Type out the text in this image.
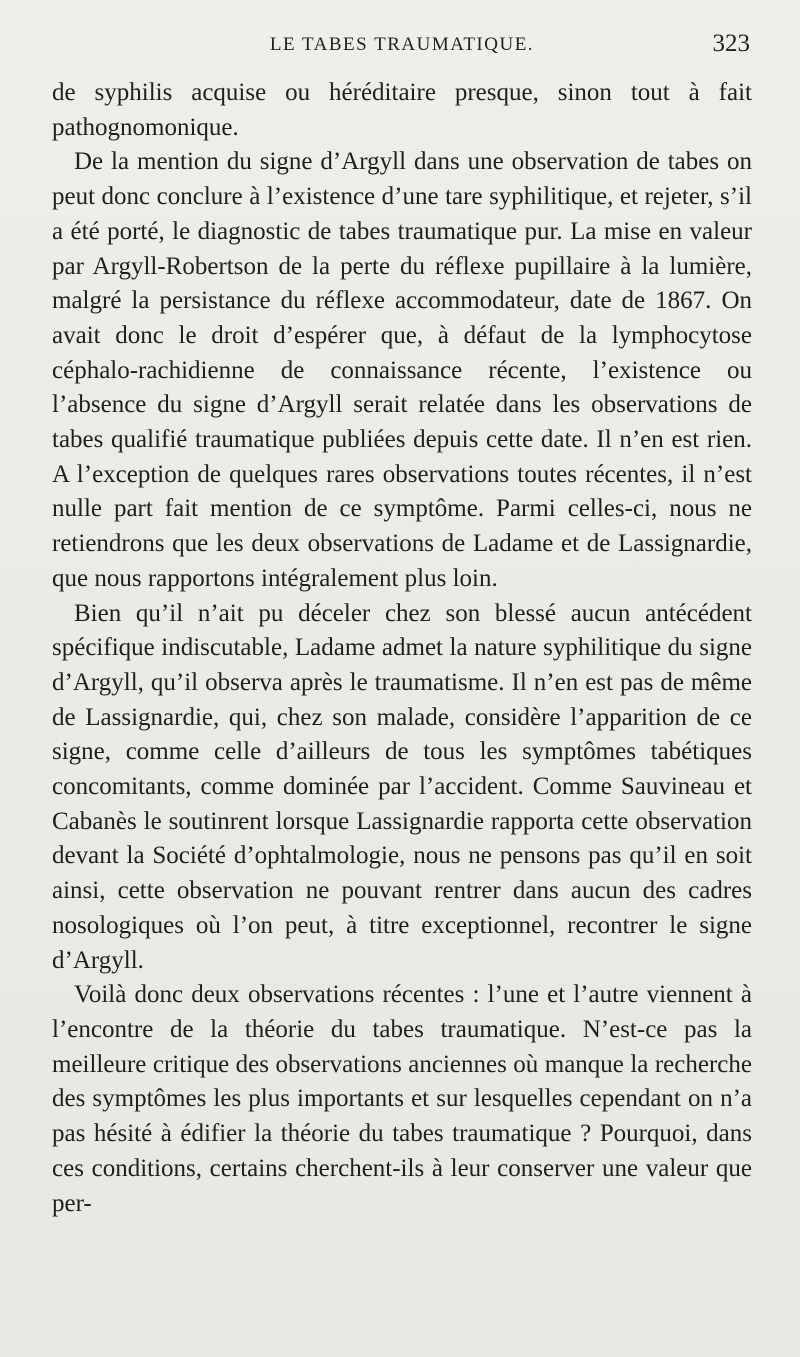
LE TABES TRAUMATIQUE.	323

de syphilis acquise ou héréditaire presque, sinon tout à fait pathognomonique.

De la mention du signe d’Argyll dans une observation de tabes on peut donc conclure à l’existence d’une tare syphilitique, et rejeter, s’il a été porté, le diagnostic de tabes traumatique pur. La mise en valeur par Argyll-Robertson de la perte du réflexe pupillaire à la lumière, malgré la persistance du réflexe accommodateur, date de 1867. On avait donc le droit d’espérer que, à défaut de la lymphocytose céphalo-rachidienne de connaissance récente, l’existence ou l’absence du signe d’Argyll serait relatée dans les observations de tabes qualifié traumatique publiées depuis cette date. Il n’en est rien. A l’exception de quelques rares observations toutes récentes, il n’est nulle part fait mention de ce symptôme. Parmi celles-ci, nous ne retiendrons que les deux observations de Ladame et de Lassignardie, que nous rapportons intégralement plus loin.

Bien qu’il n’ait pu déceler chez son blessé aucun antécédent spécifique indiscutable, Ladame admet la nature syphilitique du signe d’Argyll, qu’il observa après le traumatisme. Il n’en est pas de même de Lassignardie, qui, chez son malade, considère l’apparition de ce signe, comme celle d’ailleurs de tous les symptômes tabétiques concomitants, comme dominée par l’accident. Comme Sauvineau et Cabanès le soutinrent lorsque Lassignardie rapporta cette observation devant la Société d’ophtalmologie, nous ne pensons pas qu’il en soit ainsi, cette observation ne pouvant rentrer dans aucun des cadres nosologiques où l’on peut, à titre exceptionnel, recontrer le signe d’Argyll.

Voilà donc deux observations récentes : l’une et l’autre viennent à l’encontre de la théorie du tabes traumatique. N’est-ce pas la meilleure critique des observations anciennes où manque la recherche des symptômes les plus importants et sur lesquelles cependant on n’a pas hésité à édifier la théorie du tabes traumatique ? Pourquoi, dans ces conditions, certains cherchent-ils à leur conserver une valeur que per-
